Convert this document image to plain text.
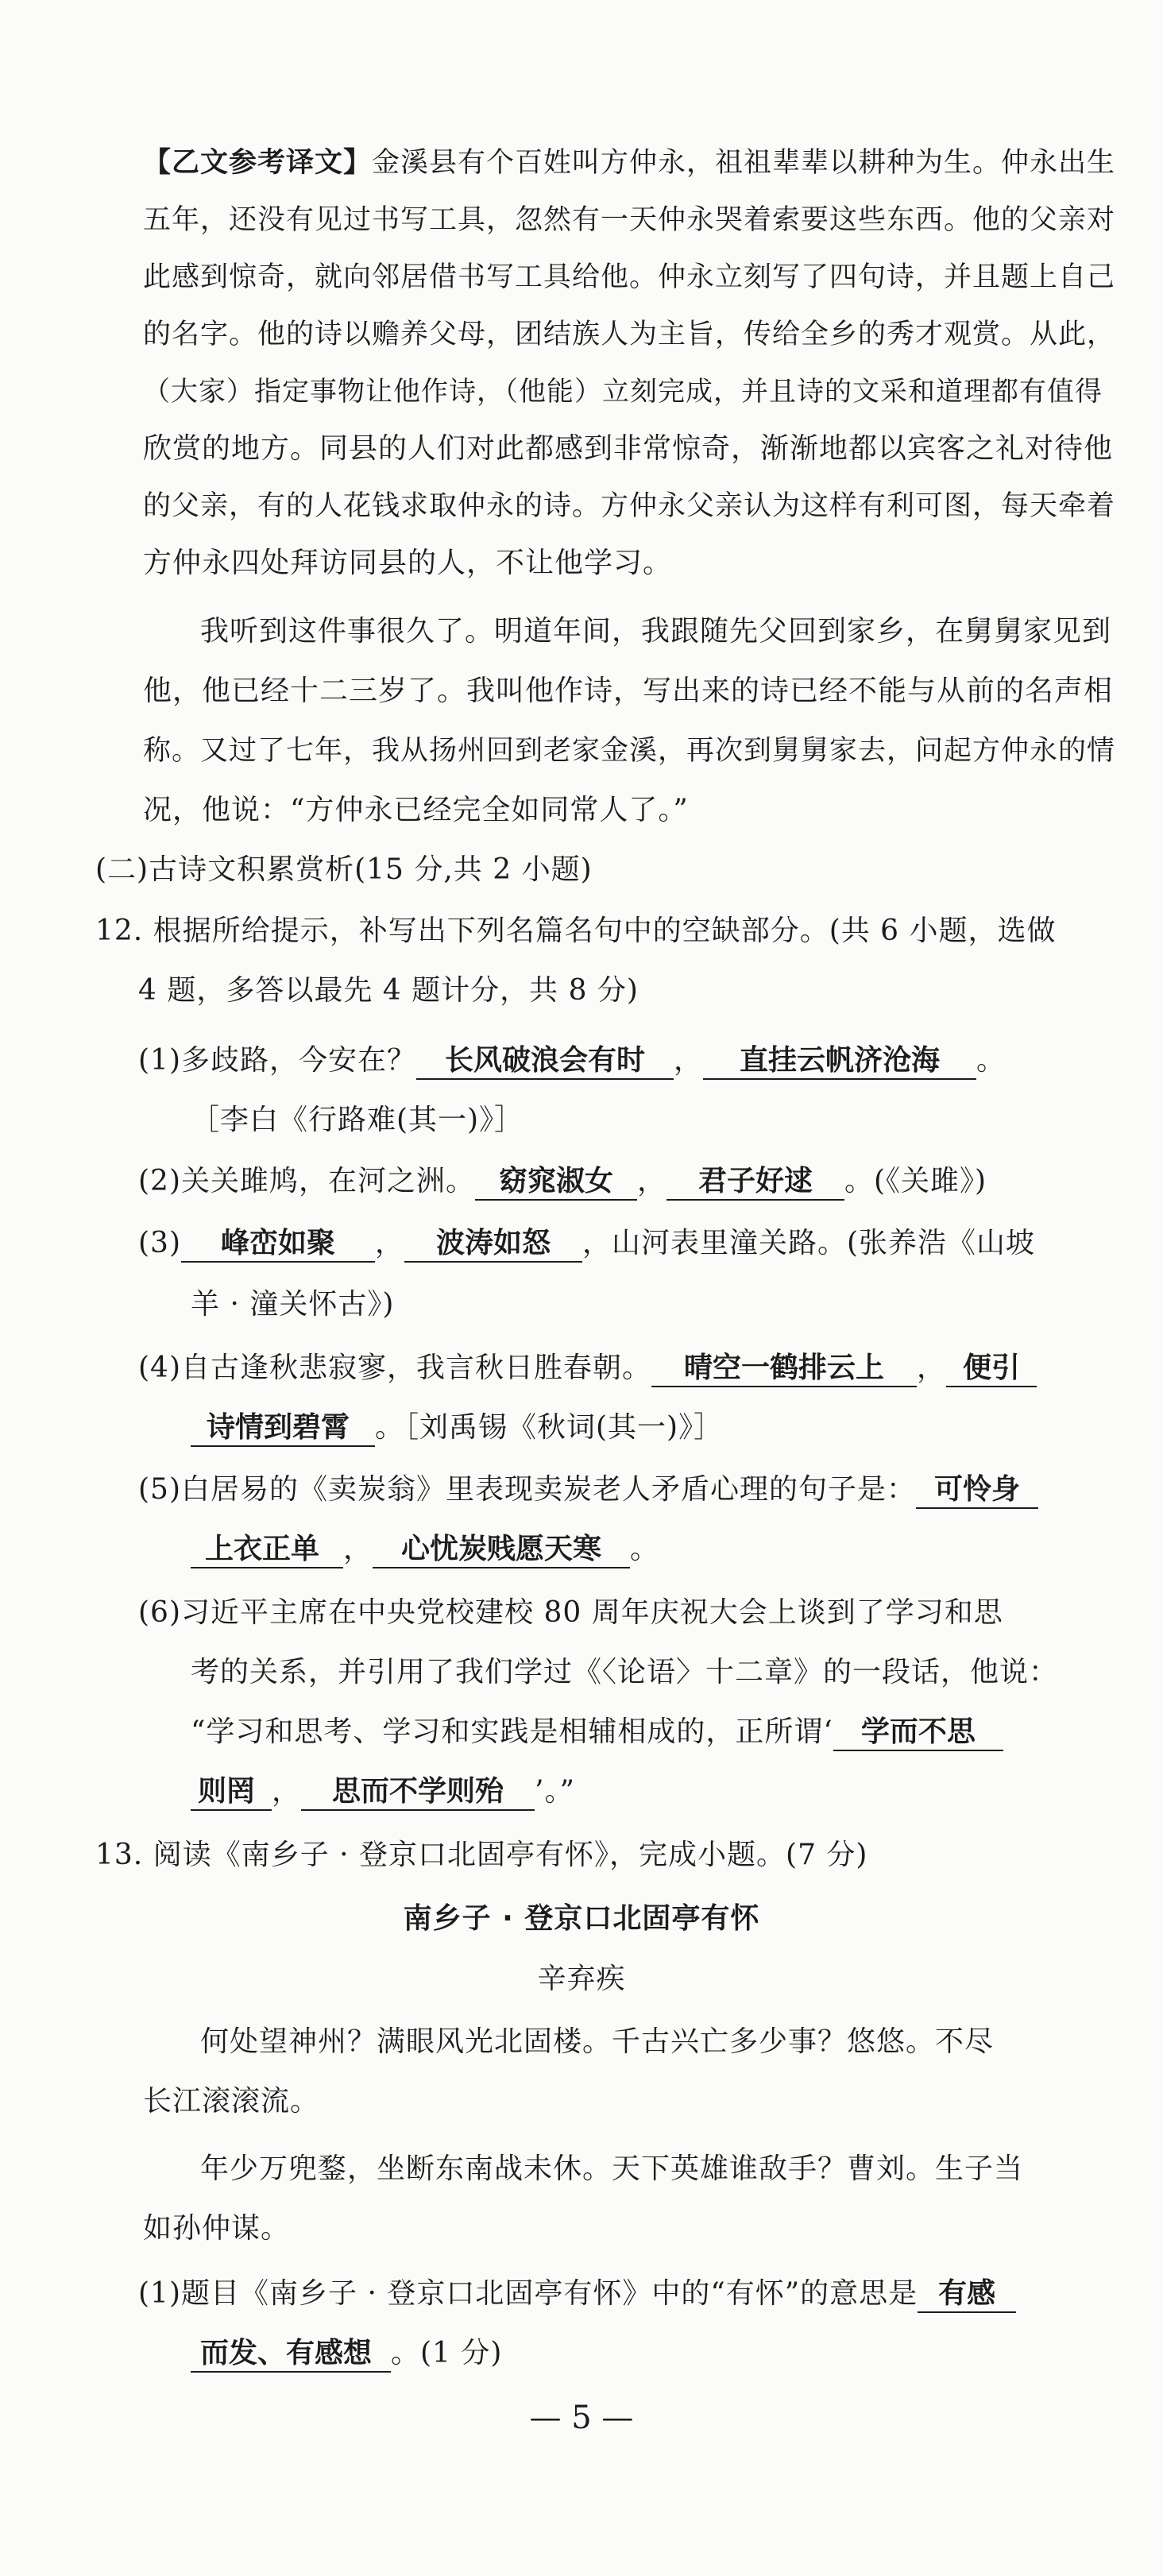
【乙文参考译文】金溪县有个百姓叫方仲永，祖祖辈辈以耕种为生。仲永出生
五年，还没有见过书写工具，忽然有一天仲永哭着索要这些东西。他的父亲对
此感到惊奇，就向邻居借书写工具给他。仲永立刻写了四句诗，并且题上自己
的名字。他的诗以赡养父母，团结族人为主旨，传给全乡的秀才观赏。从此，
（大家）指定事物让他作诗，（他能）立刻完成，并且诗的文采和道理都有值得
欣赏的地方。同县的人们对此都感到非常惊奇，渐渐地都以宾客之礼对待他
的父亲，有的人花钱求取仲永的诗。方仲永父亲认为这样有利可图，每天牵着
方仲永四处拜访同县的人，不让他学习。
我听到这件事很久了。明道年间，我跟随先父回到家乡，在舅舅家见到
他，他已经十二三岁了。我叫他作诗，写出来的诗已经不能与从前的名声相
称。又过了七年，我从扬州回到老家金溪，再次到舅舅家去，问起方仲永的情
况，他说：“方仲永已经完全如同常人了。”
(二)古诗文积累赏析(15 分,共 2 小题)
12. 根据所给提示，补写出下列名篇名句中的空缺部分。(共 6 小题，选做
4 题，多答以最先 4 题计分，共 8 分)
(1)多歧路，今安在？ 长风破浪会有时 ， 直挂云帆济沧海 。
［李白《行路难(其一)》］
(2)关关雎鸠，在河之洲。 窈窕淑女 ， 君子好逑 。(《关雎》)
(3) 峰峦如聚 ， 波涛如怒 ，山河表里潼关路。(张养浩《山坡
羊 · 潼关怀古》)
(4)自古逢秋悲寂寥，我言秋日胜春朝。 晴空一鹤排云上 ， 便引
诗情到碧霄 。［刘禹锡《秋词(其一)》］
(5)白居易的《卖炭翁》里表现卖炭老人矛盾心理的句子是： 可怜身
上衣正单 ， 心忧炭贱愿天寒 。
(6)习近平主席在中央党校建校 80 周年庆祝大会上谈到了学习和思
考的关系，并引用了我们学过《〈论语〉十二章》的一段话，他说：
“学习和思考、学习和实践是相辅相成的，正所谓‘ 学而不思
则罔 ， 思而不学则殆 ’。”
13. 阅读《南乡子 · 登京口北固亭有怀》，完成小题。(7 分)
南乡子 · 登京口北固亭有怀
辛弃疾
何处望神州？满眼风光北固楼。千古兴亡多少事？悠悠。不尽
长江滚滚流。
年少万兜鍪，坐断东南战未休。天下英雄谁敌手？曹刘。生子当
如孙仲谋。
(1)题目《南乡子 · 登京口北固亭有怀》中的“有怀”的意思是 有感
而发、有感想 。(1 分)
— 5 —
